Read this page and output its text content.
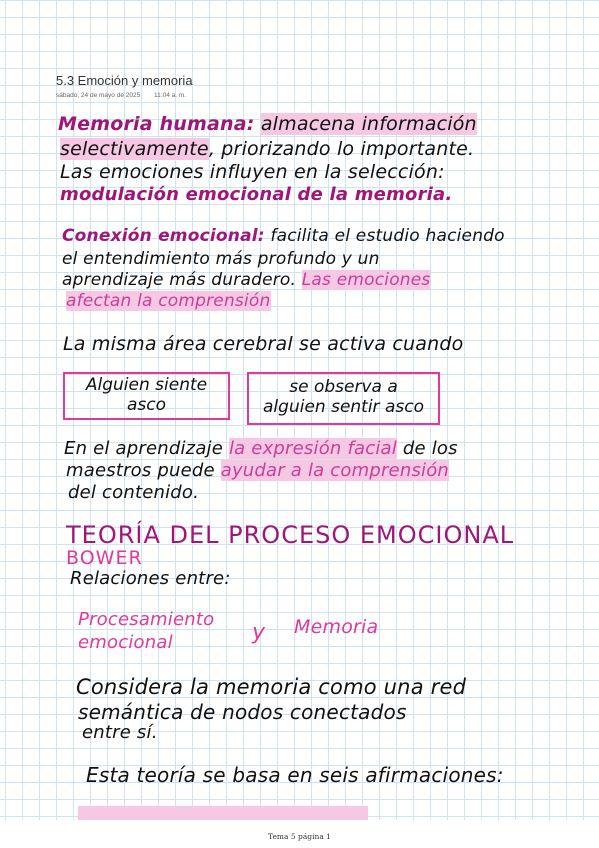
5.3 Emoción y memoria
sábado, 24 de mayo de 2025 11:04 a. m.
Memoria humana: almacena información
selectivamente, priorizando lo importante.
Las emociones influyen en la selección:
modulación emocional de la memoria.
Conexión emocional: facilita el estudio haciendo
el entendimiento más profundo y un
aprendizaje más duradero. Las emociones
afectan la comprensión
La misma área cerebral se activa cuando
Alguien siente
asco
se observa a
alguien sentir asco
En el aprendizaje la expresión facial de los
maestros puede ayudar a la comprensión
del contenido.
TEORÍA DEL PROCESO EMOCIONAL
BOWER
Relaciones entre:
Procesamiento
emocional	y Memoria
Considera la memoria como una red
semántica de nodos conectados
entre sí.
Esta teoría se basa en seis afirmaciones:
Tema 5 página 1
